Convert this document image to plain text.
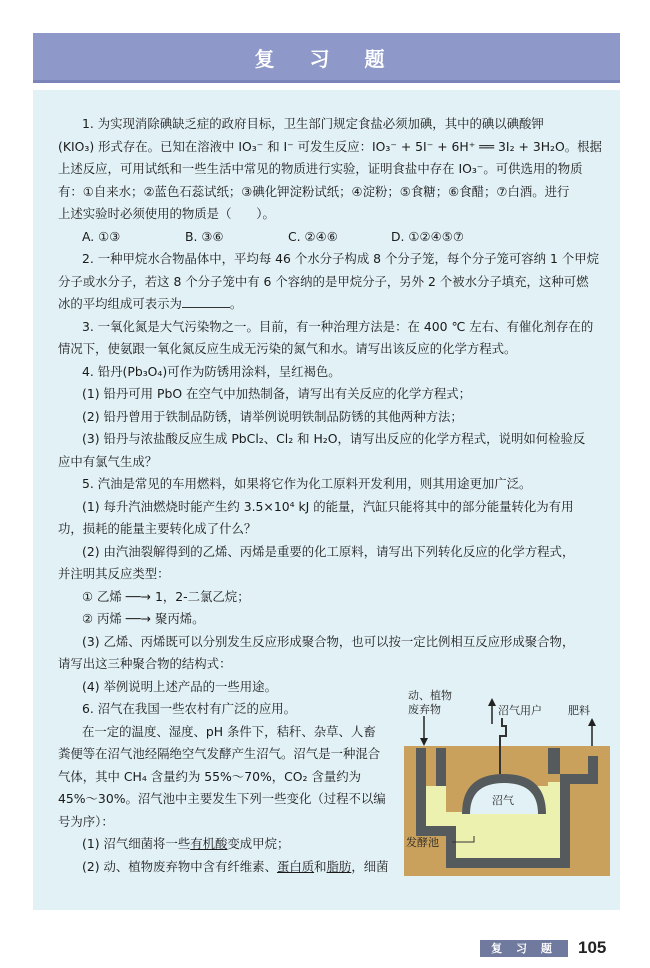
复 习 题

1. 为实现消除碘缺乏症的政府目标，卫生部门规定食盐必须加碘，其中的碘以碘酸钾

(KIO₃) 形式存在。已知在溶液中 IO₃⁻ 和 I⁻ 可发生反应：IO₃⁻ + 5I⁻ + 6H⁺ ══ 3I₂ + 3H₂O。根据

上述反应，可用试纸和一些生活中常见的物质进行实验，证明食盐中存在 IO₃⁻。可供选用的物质

有：①自来水；②蓝色石蕊试纸；③碘化钾淀粉试纸；④淀粉；⑤食糖；⑥食醋；⑦白酒。进行

上述实验时必须使用的物质是（　　）。

A. ①③	B. ③⑥	C. ②④⑥	D. ①②④⑤⑦

2. 一种甲烷水合物晶体中，平均每 46 个水分子构成 8 个分子笼，每个分子笼可容纳 1 个甲烷

分子或水分子，若这 8 个分子笼中有 6 个容纳的是甲烷分子，另外 2 个被水分子填充，这种可燃

冰的平均组成可表示为	。

3. 一氧化氮是大气污染物之一。目前，有一种治理方法是：在 400 ℃ 左右、有催化剂存在的

情况下，使氨跟一氧化氮反应生成无污染的氮气和水。请写出该反应的化学方程式。

4. 铅丹(Pb₃O₄)可作为防锈用涂料，呈红褐色。

(1) 铅丹可用 PbO 在空气中加热制备，请写出有关反应的化学方程式；

(2) 铅丹曾用于铁制品防锈，请举例说明铁制品防锈的其他两种方法；

(3) 铅丹与浓盐酸反应生成 PbCl₂、Cl₂ 和 H₂O，请写出反应的化学方程式，说明如何检验反

应中有氯气生成？

5. 汽油是常见的车用燃料，如果将它作为化工原料开发利用，则其用途更加广泛。

(1) 每升汽油燃烧时能产生约 3.5×10⁴ kJ 的能量，汽缸只能将其中的部分能量转化为有用

功，损耗的能量主要转化成了什么？

(2) 由汽油裂解得到的乙烯、丙烯是重要的化工原料，请写出下列转化反应的化学方程式，

并注明其反应类型：

① 乙烯 ──→ 1，2-二氯乙烷；

② 丙烯 ──→ 聚丙烯。

(3) 乙烯、丙烯既可以分别发生反应形成聚合物，也可以按一定比例相互反应形成聚合物，

请写出这三种聚合物的结构式：

(4) 举例说明上述产品的一些用途。

6. 沼气在我国一些农村有广泛的应用。

在一定的温度、湿度、pH 条件下，秸秆、杂草、人畜

粪便等在沼气池经隔绝空气发酵产生沼气。沼气是一种混合

气体，其中 CH₄ 含量约为 55%～70%，CO₂ 含量约为

45%～30%。沼气池中主要发生下列一些变化（过程不以编

号为序）：

(1) 沼气细菌将一些有机酸变成甲烷；

(2) 动、植物废弃物中含有纤维素、蛋白质和脂肪，细菌

动、植物
废弃物	沼气用户 肥料
沼气
发酵池
复 习 题	105
